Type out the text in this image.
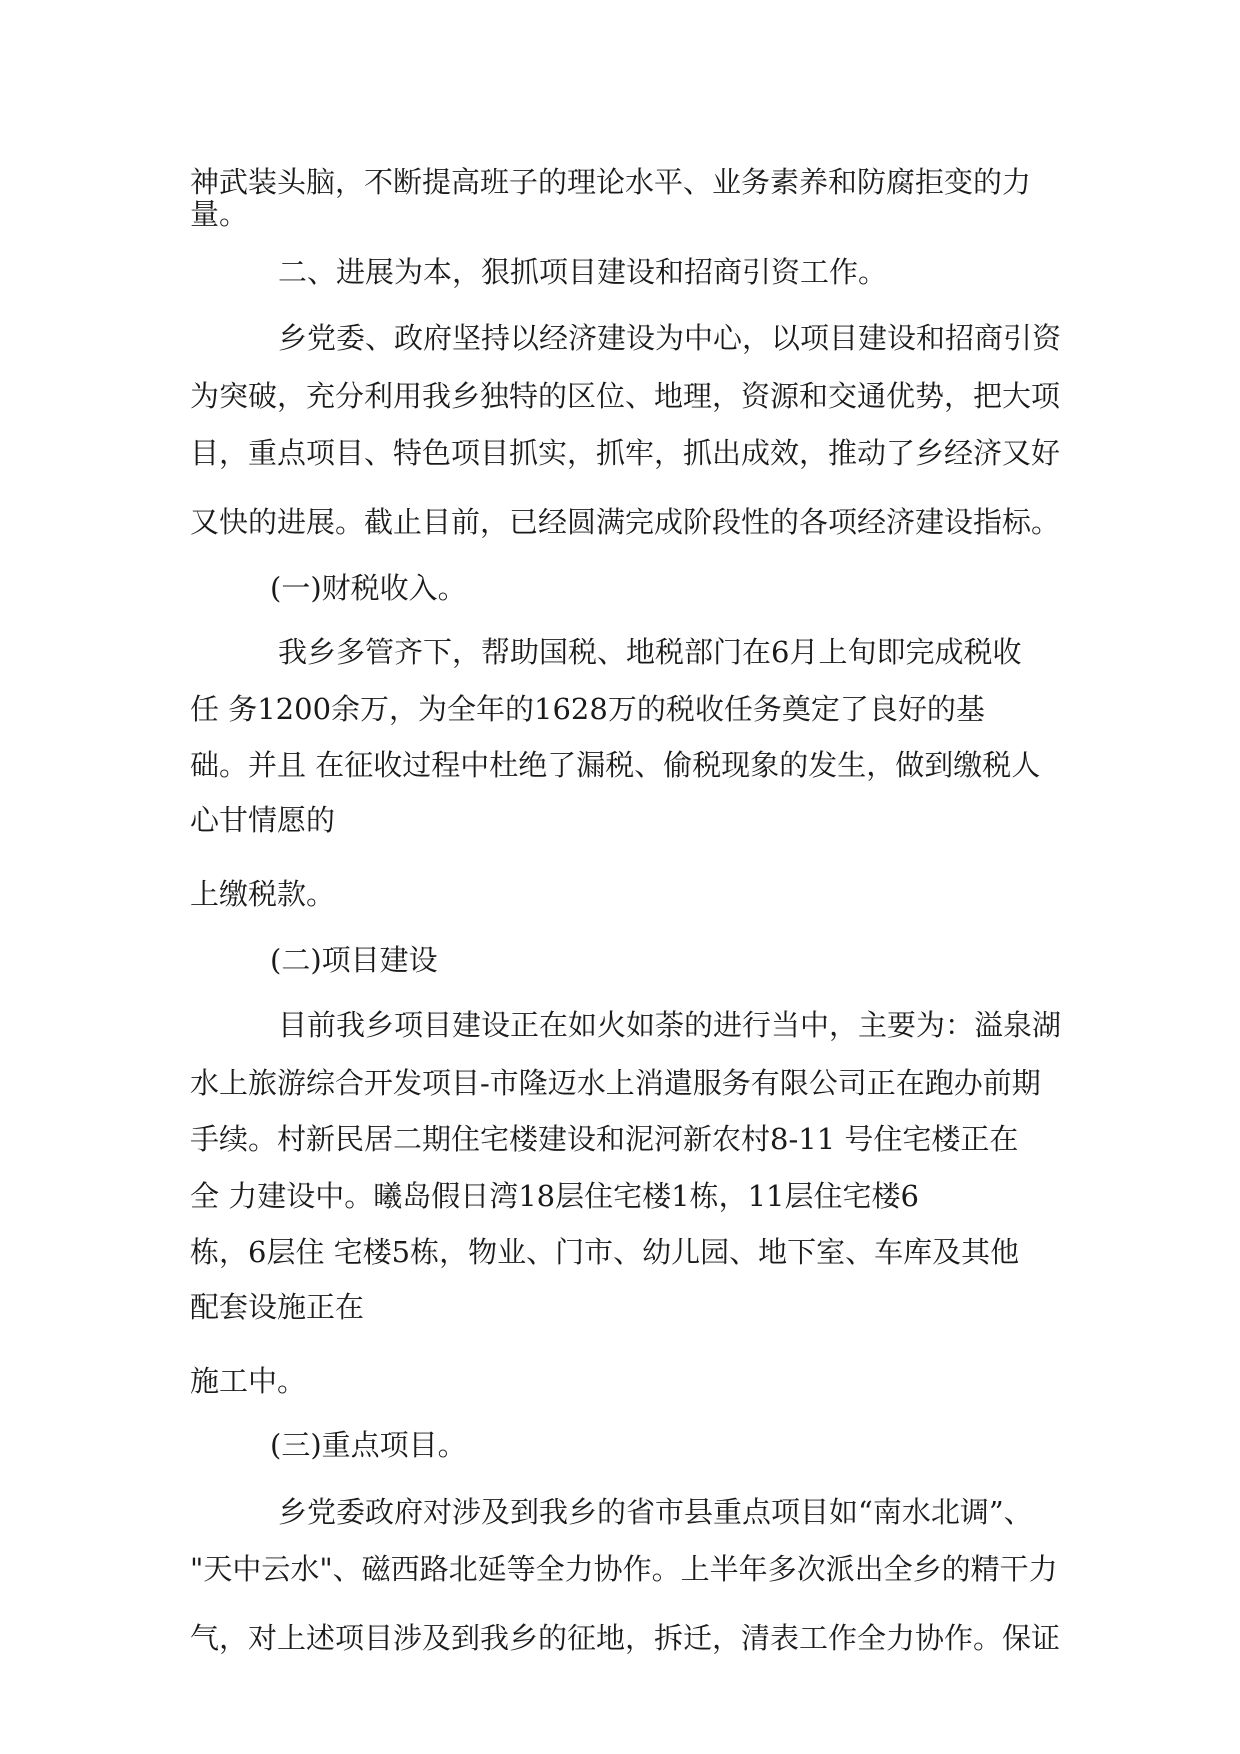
神武装头脑，不断提高班子的理论水平、业务素养和防腐拒变的力
量。
二、进展为本，狠抓项目建设和招商引资工作。
乡党委、政府坚持以经济建设为中心，以项目建设和招商引资
为突破，充分利用我乡独特的区位、地理，资源和交通优势，把大项
目，重点项目、特色项目抓实，抓牢，抓出成效，推动了乡经济又好
又快的进展。截止目前，已经圆满完成阶段性的各项经济建设指标。
(一)财税收入。
我乡多管齐下，帮助国税、地税部门在6月上旬即完成税收
任 务1200余万，为全年的1628万的税收任务奠定了良好的基
础。并且 在征收过程中杜绝了漏税、偷税现象的发生，做到缴税人
心甘情愿的
上缴税款。
(二)项目建设
目前我乡项目建设正在如火如荼的进行当中，主要为：溢泉湖
水上旅游综合开发项目-市隆迈水上消遣服务有限公司正在跑办前期
手续。村新民居二期住宅楼建设和泥河新农村8-11 号住宅楼正在
全 力建设中。曦岛假日湾18层住宅楼1栋，11层住宅楼6
栋，6层住 宅楼5栋，物业、门市、幼儿园、地下室、车库及其他
配套设施正在
施工中。
(三)重点项目。
乡党委政府对涉及到我乡的省市县重点项目如“南水北调”、
"天中云水"、磁西路北延等全力协作。上半年多次派出全乡的精干力
气，对上述项目涉及到我乡的征地，拆迁，清表工作全力协作。保证
